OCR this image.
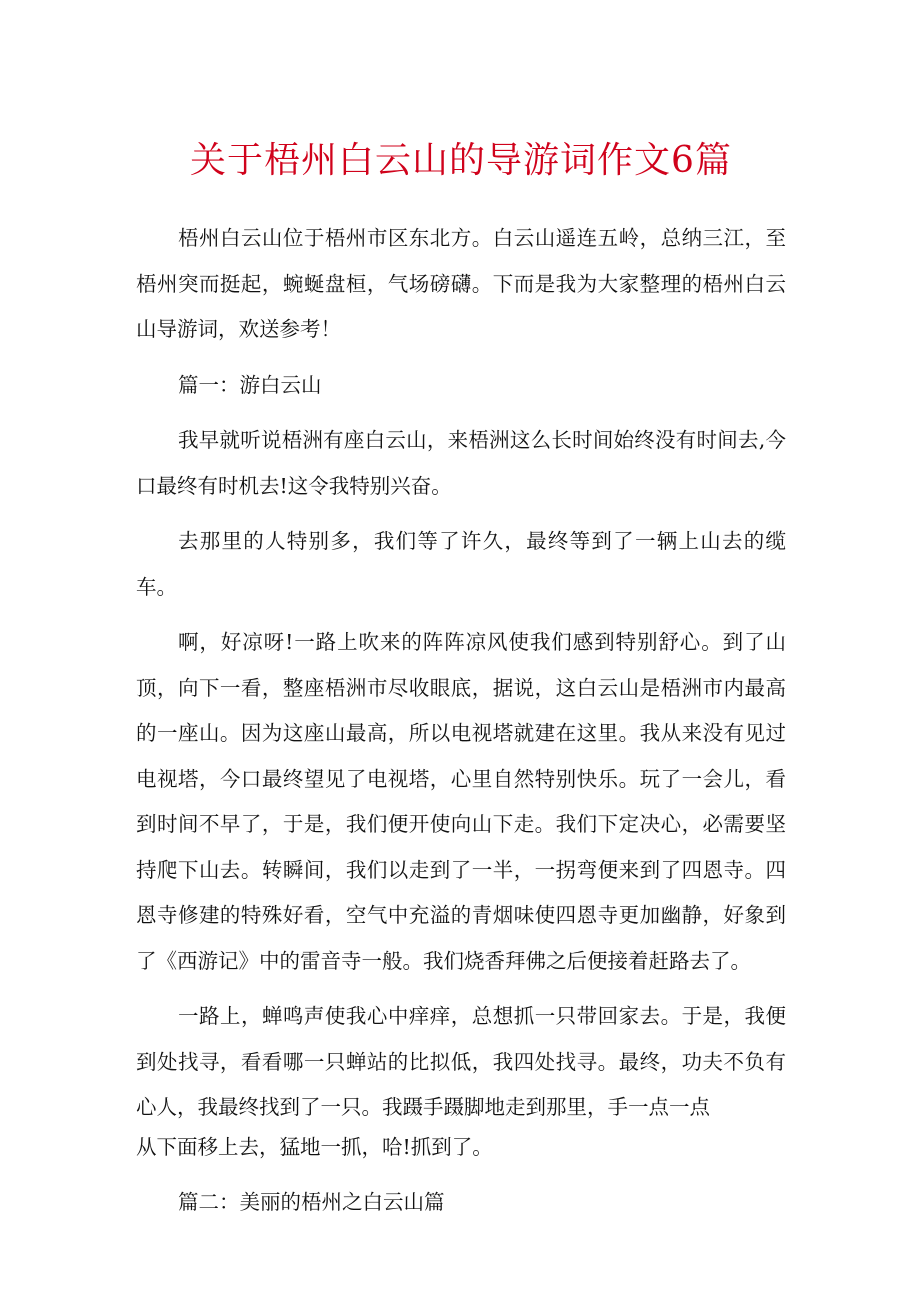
关于梧州白云山的导游词作文6篇

梧州白云山位于梧州市区东北方。白云山遥连五岭，总纳三江，至梧州突而挺起，蜿蜒盘桓，气场磅礴。下而是我为大家整理的梧州白云山导游词，欢送参考！

篇一：游白云山

我早就听说梧洲有座白云山，来梧洲这么长时间始终没有时间去,今口最终有时机去!这令我特别兴奋。

去那里的人特别多，我们等了许久，最终等到了一辆上山去的缆车。

啊，好凉呀!一路上吹来的阵阵凉风使我们感到特别舒心。到了山顶，向下一看，整座梧洲市尽收眼底，据说，这白云山是梧洲市内最高的一座山。因为这座山最高，所以电视塔就建在这里。我从来没有见过电视塔，今口最终望见了电视塔，心里自然特别快乐。玩了一会儿，看到时间不早了，于是，我们便开使向山下走。我们下定决心，必需要坚持爬下山去。转瞬间，我们以走到了一半，一拐弯便来到了四恩寺。四恩寺修建的特殊好看，空气中充溢的青烟味使四恩寺更加幽静，好象到了《西游记》中的雷音寺一般。我们烧香拜佛之后便接着赶路去了。

一路上，蝉鸣声使我心中痒痒，总想抓一只带回家去。于是，我便到处找寻，看看哪一只蝉站的比拟低，我四处找寻。最终，功夫不负有心人，我最终找到了一只。我蹑手蹑脚地走到那里，手一点一点

从下面移上去，猛地一抓，哈!抓到了。

篇二：美丽的梧州之白云山篇
